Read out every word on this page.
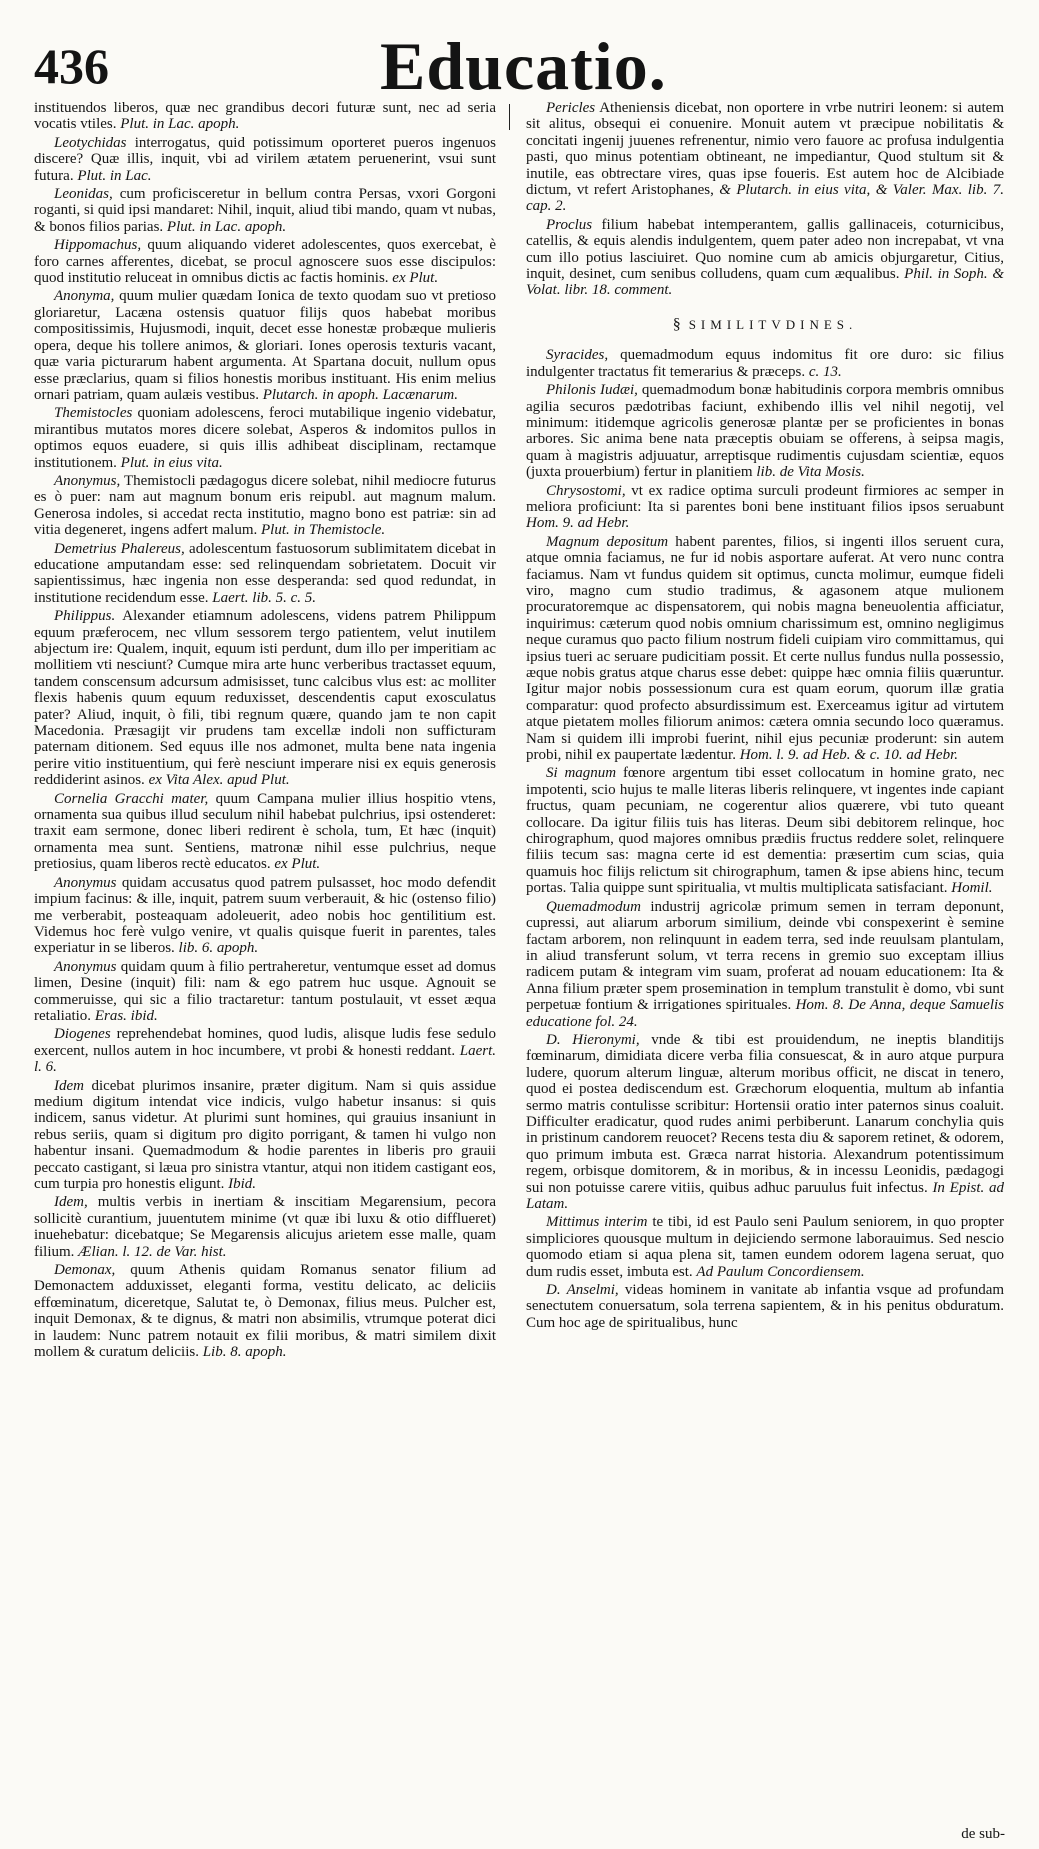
436	Educatio.

instituendos liberos, quæ nec grandibus decori futuræ sunt, nec ad seria vocatis vtiles. Plut. in Lac. apoph.

Leotychidas interrogatus, quid potissimum oporteret pueros ingenuos discere? Quæ illis, inquit, vbi ad virilem ætatem peruenerint, vsui sunt futura. Plut. in Lac.

Leonidas, cum proficisceretur in bellum contra Persas, vxori Gorgoni roganti, si quid ipsi mandaret: Nihil, inquit, aliud tibi mando, quam vt nubas, & bonos filios parias. Plut. in Lac. apoph.

Hippomachus, quum aliquando videret adolescentes, quos exercebat, è foro carnes afferentes, dicebat, se procul agnoscere suos esse discipulos: quod institutio reluceat in omnibus dictis ac factis hominis. ex Plut.

Anonyma, quum mulier quædam Ionica de texto quodam suo vt pretioso gloriaretur, Lacæna ostensis quatuor filijs quos habebat moribus compositissimis, Hujusmodi, inquit, decet esse honestæ probæque mulieris opera, deque his tollere animos, & gloriari. Iones operosis texturis vacant, quæ varia picturarum habent argumenta. At Spartana docuit, nullum opus esse præclarius, quam si filios honestis moribus instituant. His enim melius ornari patriam, quam aulæis vestibus. Plutarch. in apoph. Lacænarum.

Themistocles quoniam adolescens, feroci mutabilique ingenio videbatur, mirantibus mutatos mores dicere solebat, Asperos & indomitos pullos in optimos equos euadere, si quis illis adhibeat disciplinam, rectamque institutionem. Plut. in eius vita.

Anonymus, Themistocli pædagogus dicere solebat, nihil mediocre futurus es ò puer: nam aut magnum bonum eris reipubl. aut magnum malum. Generosa indoles, si accedat recta institutio, magno bono est patriæ: sin ad vitia degeneret, ingens adfert malum. Plut. in Themistocle.

Demetrius Phalereus, adolescentum fastuosorum sublimitatem dicebat in educatione amputandam esse: sed relinquendam sobrietatem. Docuit vir sapientissimus, hæc ingenia non esse desperanda: sed quod redundat, in institutione recidendum esse. Laert. lib. 5. c. 5.

Philippus. Alexander etiamnum adolescens, videns patrem Philippum equum præferocem, nec vllum sessorem tergo patientem, velut inutilem abjectum ire: Qualem, inquit, equum isti perdunt, dum illo per imperitiam ac mollitiem vti nesciunt? Cumque mira arte hunc verberibus tractasset equum, tandem conscensum adcursum admisisset, tunc calcibus vlus est: ac molliter flexis habenis quum equum reduxisset, descendentis caput exosculatus pater? Aliud, inquit, ò fili, tibi regnum quære, quando jam te non capit Macedonia. Præsagijt vir prudens tam excellæ indoli non sufficturam paternam ditionem. Sed equus ille nos admonet, multa bene nata ingenia perire vitio instituentium, qui ferè nesciunt imperare nisi ex equis generosis reddiderint asinos. ex Vita Alex. apud Plut.

Cornelia Gracchi mater, quum Campana mulier illius hospitio vtens, ornamenta sua quibus illud seculum nihil habebat pulchrius, ipsi ostenderet: traxit eam sermone, donec liberi redirent è schola, tum, Et hæc (inquit) ornamenta mea sunt. Sentiens, matronæ nihil esse pulchrius, neque pretiosius, quam liberos rectè educatos. ex Plut.

Anonymus quidam accusatus quod patrem pulsasset, hoc modo defendit impium facinus: & ille, inquit, patrem suum verberauit, & hic (ostenso filio) me verberabit, posteaquam adoleuerit, adeo nobis hoc gentilitium est. Videmus hoc ferè vulgo venire, vt qualis quisque fuerit in parentes, tales experiatur in se liberos. lib. 6. apoph.

Anonymus quidam quum à filio pertraheretur, ventumque esset ad domus limen, Desine (inquit) fili: nam & ego patrem huc usque. Agnouit se commeruisse, qui sic a filio tractaretur: tantum postulauit, vt esset æqua retaliatio. Eras. ibid.

Diogenes reprehendebat homines, quod ludis, alisque ludis fese sedulo exercent, nullos autem in hoc incumbere, vt probi & honesti reddant. Laert. l. 6.

Idem dicebat plurimos insanire, præter digitum. Nam si quis assidue medium digitum intendat vice indicis, vulgo habetur insanus: si quis indicem, sanus videtur. At plurimi sunt homines, qui grauius insaniunt in rebus seriis, quam si digitum pro digito porrigant, & tamen hi vulgo non habentur insani. Quemadmodum & hodie parentes in liberis pro grauii peccato castigant, si læua pro sinistra vtantur, atqui non itidem castigant eos, cum turpia pro honestis eligunt. Ibid.

Idem, multis verbis in inertiam & inscitiam Megarensium, pecora sollicitè curantium, juuentutem minime (vt quæ ibi luxu & otio difflueret) inuehebatur: dicebatque; Se Megarensis alicujus arietem esse malle, quam filium. Ælian. l. 12. de Var. hist.

Demonax, quum Athenis quidam Romanus senator filium ad Demonactem adduxisset, eleganti forma, vestitu delicato, ac deliciis effœminatum, diceretque, Salutat te, ò Demonax, filius meus. Pulcher est, inquit Demonax, & te dignus, & matri non absimilis, vtrumque poterat dici in laudem: Nunc patrem notauit ex filii moribus, & matri similem dixit mollem & curatum deliciis. Lib. 8. apoph.

Pericles Atheniensis dicebat, non oportere in vrbe nutriri leonem: si autem sit alitus, obsequi ei conuenire. Monuit autem vt præcipue nobilitatis & concitati ingenij juuenes refrenentur, nimio vero fauore ac profusa indulgentia pasti, quo minus potentiam obtineant, ne impediantur, Quod stultum sit & inutile, eas obtrectare vires, quas ipse foueris. Est autem hoc de Alcibiade dictum, vt refert Aristophanes, & Plutarch. in eius vita, & Valer. Max. lib. 7. cap. 2.

Proclus filium habebat intemperantem, gallis gallinaceis, coturnicibus, catellis, & equis alendis indulgentem, quem pater adeo non increpabat, vt vna cum illo potius lasciuiret. Quo nomine cum ab amicis objurgaretur, Citius, inquit, desinet, cum senibus colludens, quam cum æqualibus. Phil. in Soph. & Volat. libr. 18. comment.

§ SIMILITVDINES.

Syracides, quemadmodum equus indomitus fit ore duro: sic filius indulgenter tractatus fit temerarius & præceps. c. 13.

Philonis Iudæi, quemadmodum bonæ habitudinis corpora membris omnibus agilia securos pædotribas faciunt, exhibendo illis vel nihil negotij, vel minimum: itidemque agricolis generosæ plantæ per se proficientes in bonas arbores. Sic anima bene nata præceptis obuiam se offerens, à seipsa magis, quam à magistris adjuuatur, arreptisque rudimentis cujusdam scientiæ, equos (juxta prouerbium) fertur in planitiem lib. de Vita Mosis.

Chrysostomi, vt ex radice optima surculi prodeunt firmiores ac semper in meliora proficiunt: Ita si parentes boni bene instituant filios ipsos seruabunt Hom. 9. ad Hebr.

Magnum depositum habent parentes, filios, si ingenti illos seruent cura, atque omnia faciamus, ne fur id nobis asportare auferat. At vero nunc contra faciamus. Nam vt fundus quidem sit optimus, cuncta molimur, eumque fideli viro, magno cum studio tradimus, & agasonem atque mulionem procuratoremque ac dispensatorem, qui nobis magna beneuolentia afficiatur, inquirimus: cæterum quod nobis omnium charissimum est, omnino negligimus neque curamus quo pacto filium nostrum fideli cuipiam viro committamus, qui ipsius tueri ac seruare pudicitiam possit. Et certe nullus fundus nulla possessio, æque nobis gratus atque charus esse debet: quippe hæc omnia filiis quæruntur. Igitur major nobis possessionum cura est quam eorum, quorum illæ gratia comparatur: quod profecto absurdissimum est. Exerceamus igitur ad virtutem atque pietatem molles filiorum animos: cætera omnia secundo loco quæramus. Nam si quidem illi improbi fuerint, nihil ejus pecuniæ proderunt: sin autem probi, nihil ex paupertate lædentur. Hom. l. 9. ad Heb. & c. 10. ad Hebr.

Si magnum fœnore argentum tibi esset collocatum in homine grato, nec impotenti, scio hujus te malle literas liberis relinquere, vt ingentes inde capiant fructus, quam pecuniam, ne cogerentur alios quærere, vbi tuto queant collocare. Da igitur filiis tuis has literas. Deum sibi debitorem relinque, hoc chirographum, quod majores omnibus prædiis fructus reddere solet, relinquere filiis tecum sas: magna certe id est dementia: præsertim cum scias, quia quamuis hoc filijs relictum sit chirographum, tamen & ipse abiens hinc, tecum portas. Talia quippe sunt spiritualia, vt multis multiplicata satisfaciant. Homil.

Quemadmodum industrij agricolæ primum semen in terram deponunt, cupressi, aut aliarum arborum similium, deinde vbi conspexerint è semine factam arborem, non relinquunt in eadem terra, sed inde reuulsam plantulam, in aliud transferunt solum, vt terra recens in gremio suo exceptam illius radicem putam & integram vim suam, proferat ad nouam educationem: Ita & Anna filium præter spem prosemination in templum transtulit è domo, vbi sunt perpetuæ fontium & irrigationes spirituales. Hom. 8. De Anna, deque Samuelis educatione fol. 24.

D. Hieronymi, vnde & tibi est prouidendum, ne ineptis blanditijs fœminarum, dimidiata dicere verba filia consuescat, & in auro atque purpura ludere, quorum alterum linguæ, alterum moribus officit, ne discat in tenero, quod ei postea dediscendum est. Græchorum eloquentia, multum ab infantia sermo matris contulisse scribitur: Hortensii oratio inter paternos sinus coaluit. Difficulter eradicatur, quod rudes animi perbiberunt. Lanarum conchylia quis in pristinum candorem reuocet? Recens testa diu & saporem retinet, & odorem, quo primum imbuta est. Græca narrat historia. Alexandrum potentissimum regem, orbisque domitorem, & in moribus, & in incessu Leonidis, pædagogi sui non potuisse carere vitiis, quibus adhuc paruulus fuit infectus. In Epist. ad Latam.

Mittimus interim te tibi, id est Paulo seni Paulum seniorem, in quo propter simpliciores quousque multum in dejiciendo sermone laborauimus. Sed nescio quomodo etiam si aqua plena sit, tamen eundem odorem lagena seruat, quo dum rudis esset, imbuta est. Ad Paulum Concordiensem.

D. Anselmi, videas hominem in vanitate ab infantia vsque ad profundam senectutem conuersatum, sola terrena sapientem, & in his penitus obduratum. Cum hoc age de spiritualibus, hunc

de sub-
